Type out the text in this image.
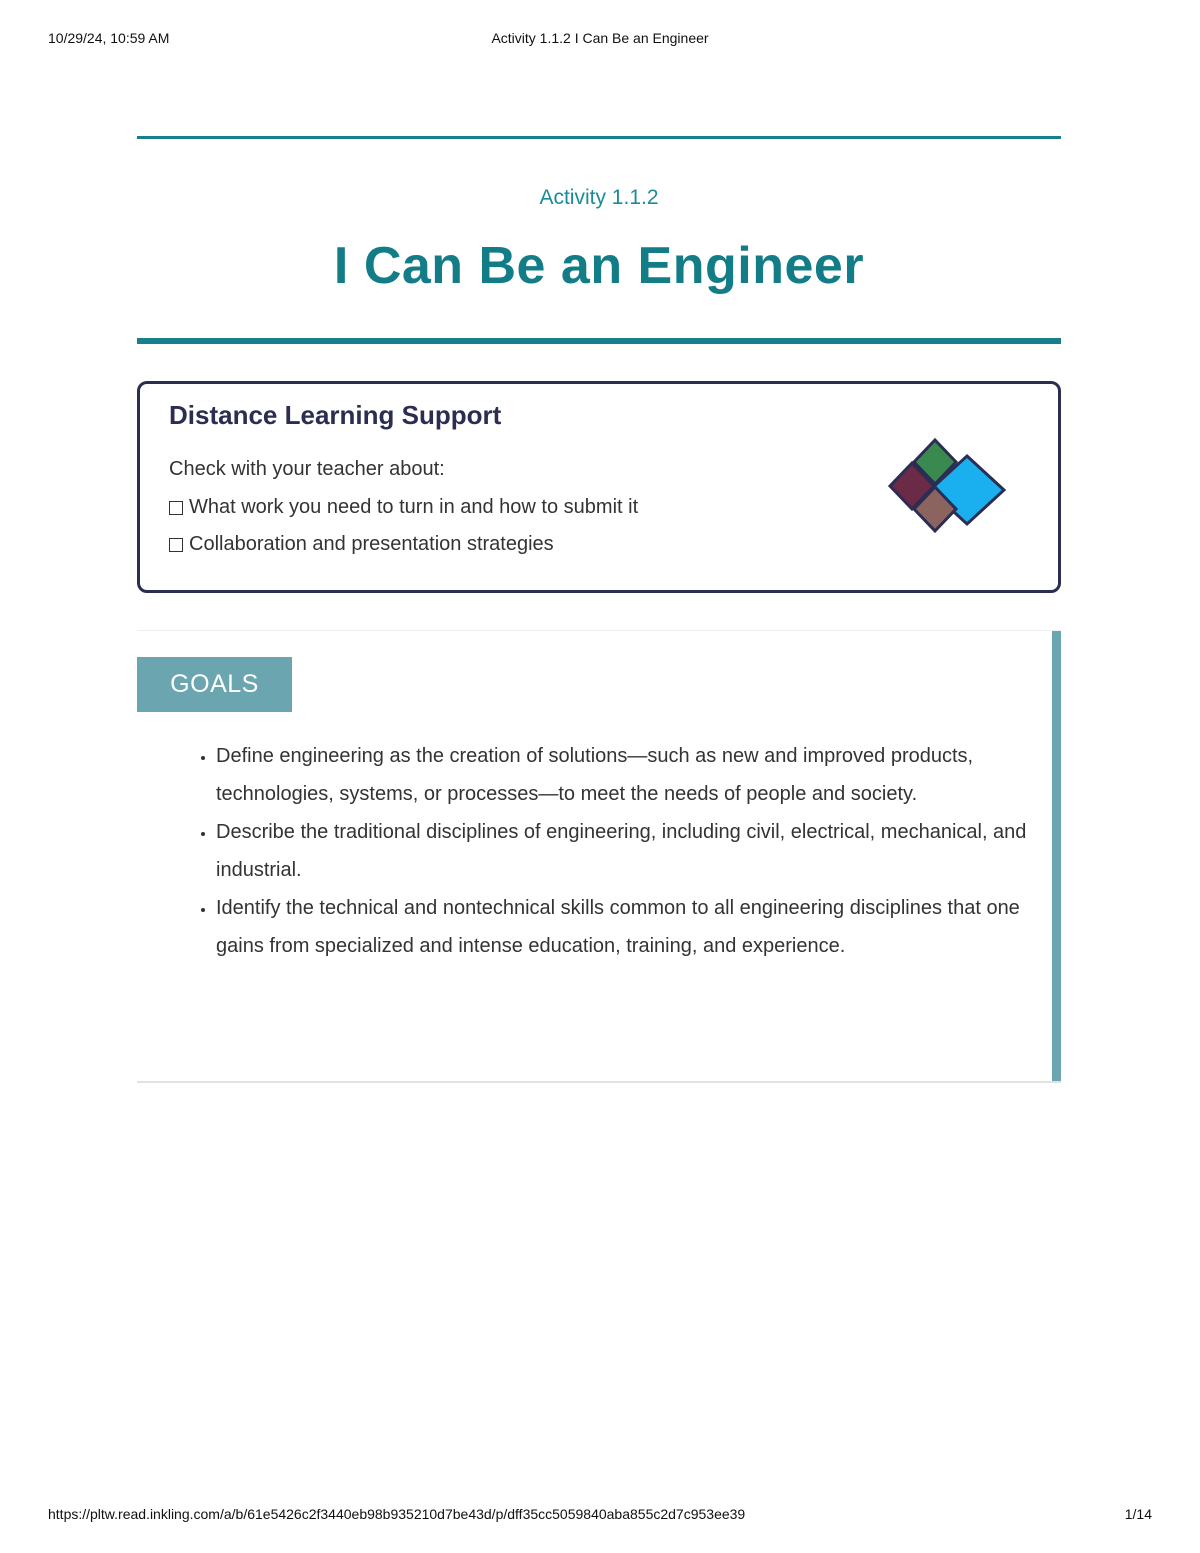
10/29/24, 10:59 AM	Activity 1.1.2 I Can Be an Engineer
Activity 1.1.2
I Can Be an Engineer
Distance Learning Support
Check with your teacher about:
What work you need to turn in and how to submit it
Collaboration and presentation strategies
GOALS
• Define engineering as the creation of solutions—such as new and improved products, technologies, systems, or processes—to meet the needs of people and society.
• Describe the traditional disciplines of engineering, including civil, electrical, mechanical, and industrial.
• Identify the technical and nontechnical skills common to all engineering disciplines that one gains from specialized and intense education, training, and experience.
https://pltw.read.inkling.com/a/b/61e5426c2f3440eb98b935210d7be43d/p/dff35cc5059840aba855c2d7c953ee39	1/14
